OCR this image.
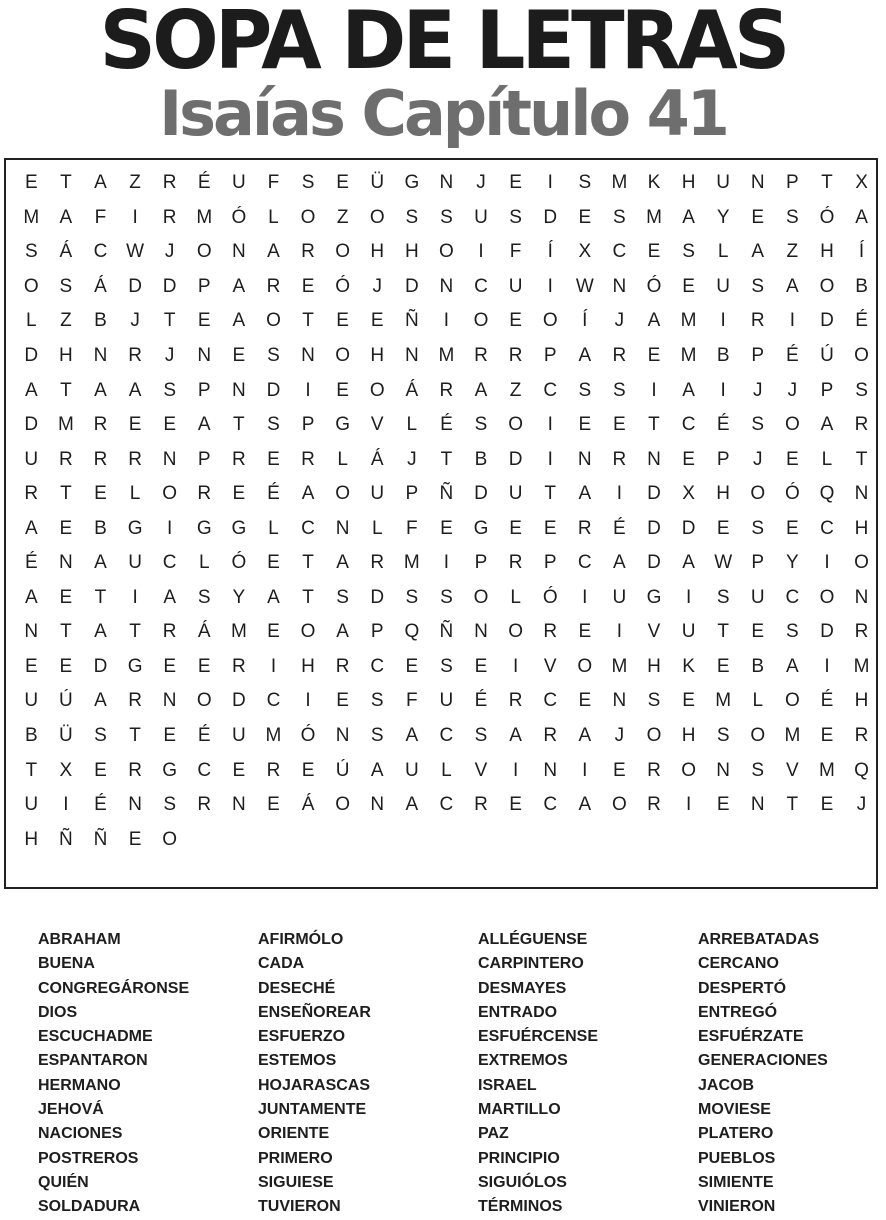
SOPA DE LETRAS
Isaías Capítulo 41
E	T	A	Z	R	É	U	F	S	E	Ü	G	N	J	E	I	S	M	K	H	U	N	P	T	X
M	A	F	I	R	M	Ó	L	O	Z	O	S	S	U	S	D	E	S	M	A	Y	E	S	Ó	A
S	Á	C W	J	O	N	A	R	O	H	H	O	I	F	Í	X	C	E	S	L	A	Z	H	Í
O	S	Á	D	D	P	A	R	E	Ó	J	D	N	C	U	I	W N	Ó	E	U	S	A	O	B
L	Z	B	J	T	E	A	O	T	E	E	Ñ	I	O	E	O	Í	J	A	M	I	R	I	D	É
D	H	N	R	J	N	E	S	N	O	H	N	M	R	R	P	A	R	E	M	B	P	É	Ú	O
A	T	A	A	S	P	N	D	I	E	O	Á	R	A	Z	C	S	S	I	A	I	J	J	P	S
D	M	R	E	E	A	T	S	P	G	V	L	É	S	O	I	E	E	T	C	É	S	O	A	R
U	R	R	R	N	P	R	E	R	L	Á	J	T	B	D	I	N	R	N	E	P	J	E	L	T
R	T	E	L	O	R	E	É	A	O	U	P	Ñ	D	U	T	A	I	D	X	H	O	Ó	Q	N
A	E	B	G	I	G	G	L	C	N	L	F	E	G	E	E	R	É	D	D	E	S	E	C	H
É	N	A	U	C	L	Ó	E	T	A	R	M	I	P	R	P	C	A	D	A	W	P	Y	I	O
A	E	T	I	A	S	Y	A	T	S	D	S	S	O	L	Ó	I	U	G	I	S	U	C	O	N
N	T	A	T	R	Á	M	E	O	A	P	Q	Ñ	N	O	R	E	I	V	U	T	E	S	D	R
E	E	D	G	E	E	R	I	H	R	C	E	S	E	I	V	O	M	H	K	E	B	A	I	M
U	Ú	A	R	N	O	D	C	I	E	S	F	U	É	R	C	E	N	S	E	M	L	O	É	H
B	Ü	S	T	E	É	U	M	Ó	N	S	A	C	S	A	R	A	J	O	H	S	O	M	E	R
T	X	E	R	G	C	E	R	E	Ú	A	U	L	V	I	N	I	E	R	O	N	S	V	M	Q
U	I	É	N	S	R	N	E	Á	O	N	A	C	R	E	C	A	O	R	I	E	N	T	E	J
H	Ñ	Ñ	E	O
ABRAHAM	AFIRMÓLO	ALLÉGUENSE	ARREBATADAS
BUENA	CADA	CARPINTERO	CERCANO
CONGREGÁRONSE	DESECHÉ	DESMAYES	DESPERTÓ
DIOS	ENSEÑOREAR	ENTRADO	ENTREGÓ
ESCUCHADME	ESFUERZO	ESFUÉRCENSE	ESFUÉRZATE
ESPANTARON	ESTEMOS	EXTREMOS	GENERACIONES
HERMANO	HOJARASCAS	ISRAEL	JACOB
JEHOVÁ	JUNTAMENTE	MARTILLO	MOVIESE
NACIONES	ORIENTE	PAZ	PLATERO
POSTREROS	PRIMERO	PRINCIPIO	PUEBLOS
QUIÉN	SIGUIESE	SIGUIÓLOS	SIMIENTE
SOLDADURA	TUVIERON	TÉRMINOS	VINIERON
